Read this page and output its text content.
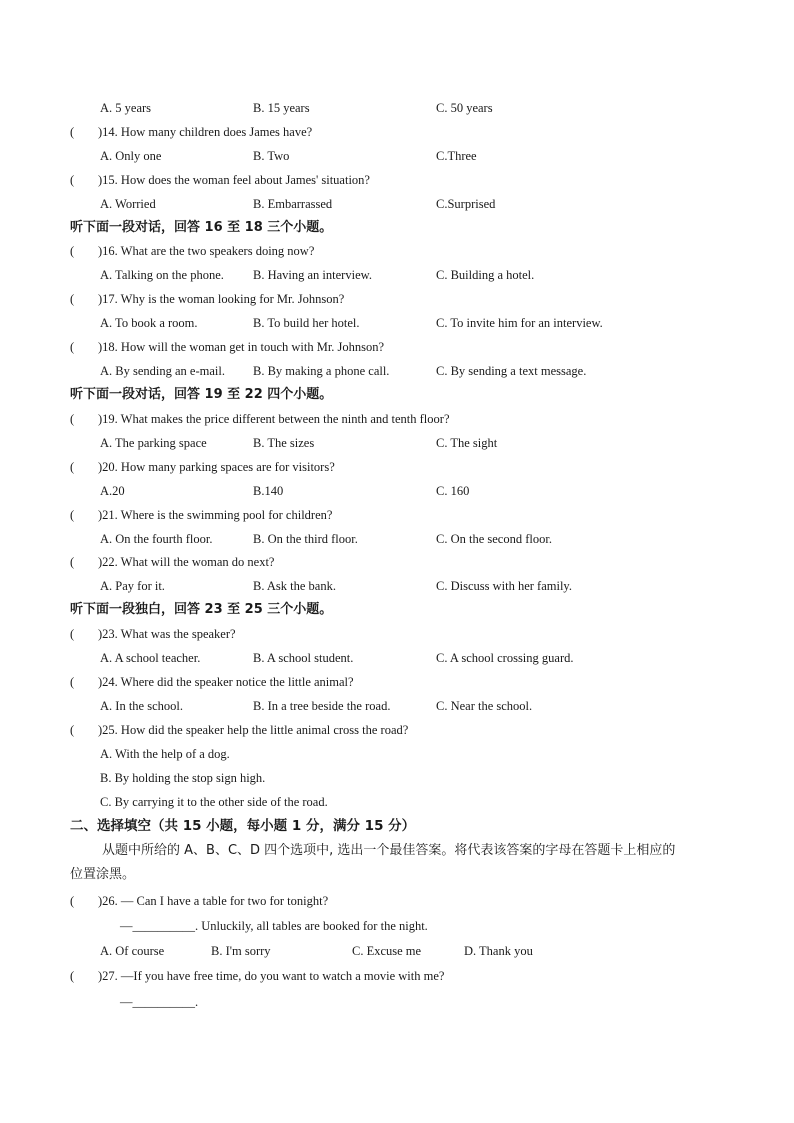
A. 5 years	B. 15 years	C. 50 years
( )14. How many children does James have?
A. Only one	B. Two	C.Three
( )15. How does the woman feel about James' situation?
A. Worried	B. Embarrassed	C.Surprised
听下面一段对话，回答 16 至 18 三个小题。
( )16. What are the two speakers doing now?
A. Talking on the phone. B. Having an interview.	C. Building a hotel.
( )17. Why is the woman looking for Mr. Johnson?
A. To book a room.	B. To build her hotel.	C. To invite him for an interview.
( )18. How will the woman get in touch with Mr. Johnson?
A. By sending an e-mail. B. By making a phone call.	C. By sending a text message.
听下面一段对话，回答 19 至 22 四个小题。
( )19. What makes the price different between the ninth and tenth floor?
A. The parking space	B. The sizes	C. The sight
( )20. How many parking spaces are for visitors?
A.20	B.140	C. 160
( )21. Where is the swimming pool for children?
A. On the fourth floor.	B. On the third floor.	C. On the second floor.
( )22. What will the woman do next?
A. Pay for it.	B. Ask the bank.	C. Discuss with her family.
听下面一段独白，回答 23 至 25 三个小题。
( )23. What was the speaker?
A. A school teacher.	B. A school student.	C. A school crossing guard.
( )24. Where did the speaker notice the little animal?
A. In the school.	B. In a tree beside the road.	C. Near the school.
( )25. How did the speaker help the little animal cross the road?
A. With the help of a dog.
B. By holding the stop sign high.
C. By carrying it to the other side of the road.
二、选择填空（共 15 小题，每小题 1 分，满分 15 分）
从题中所给的 A、B、C、D 四个选项中, 选出一个最佳答案。将代表该答案的字母在答题卡上相应的
位置涂黑。
( )26. — Can I have a table for two for tonight?
—__________. Unluckily, all tables are booked for the night.
A. Of course	B. I'm sorry	C. Excuse me	D. Thank you
( )27. —If you have free time, do you want to watch a movie with me?
—__________.
